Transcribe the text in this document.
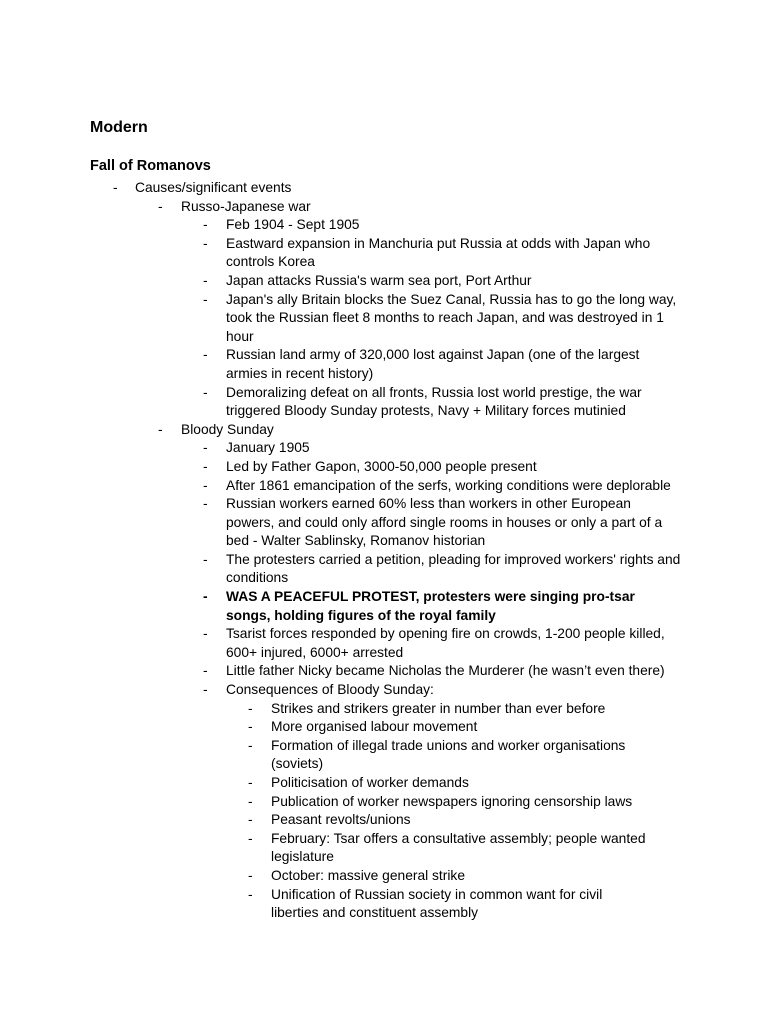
Modern
Fall of Romanovs
- Causes/significant events
- Russo-Japanese war
- Feb 1904 - Sept 1905
- Eastward expansion in Manchuria put Russia at odds with Japan who controls Korea
- Japan attacks Russia's warm sea port, Port Arthur
- Japan's ally Britain blocks the Suez Canal, Russia has to go the long way, took the Russian fleet 8 months to reach Japan, and was destroyed in 1 hour
- Russian land army of 320,000 lost against Japan (one of the largest armies in recent history)
- Demoralizing defeat on all fronts, Russia lost world prestige, the war triggered Bloody Sunday protests, Navy + Military forces mutinied
- Bloody Sunday
- January 1905
- Led by Father Gapon, 3000-50,000 people present
- After 1861 emancipation of the serfs, working conditions were deplorable
- Russian workers earned 60% less than workers in other European powers, and could only afford single rooms in houses or only a part of a bed - Walter Sablinsky, Romanov historian
- The protesters carried a petition, pleading for improved workers' rights and conditions
- WAS A PEACEFUL PROTEST, protesters were singing pro-tsar songs, holding figures of the royal family
- Tsarist forces responded by opening fire on crowds, 1-200 people killed, 600+ injured, 6000+ arrested
- Little father Nicky became Nicholas the Murderer (he wasn’t even there)
- Consequences of Bloody Sunday:
- Strikes and strikers greater in number than ever before
- More organised labour movement
- Formation of illegal trade unions and worker organisations (soviets)
- Politicisation of worker demands
- Publication of worker newspapers ignoring censorship laws
- Peasant revolts/unions
- February: Tsar offers a consultative assembly; people wanted legislature
- October: massive general strike
- Unification of Russian society in common want for civil liberties and constituent assembly
